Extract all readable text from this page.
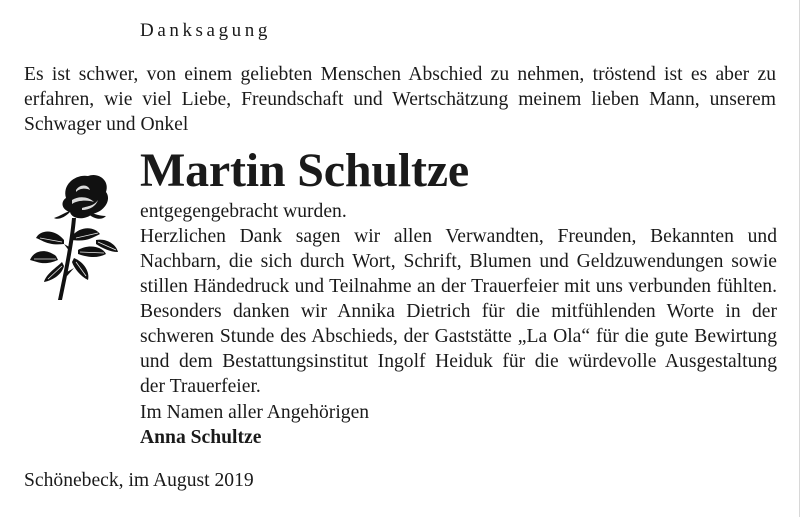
Danksagung
Es ist schwer, von einem geliebten Menschen Abschied zu nehmen, tröstend ist es aber zu
erfahren, wie viel Liebe, Freundschaft und Wertschätzung meinem lieben Mann, unserem
Schwager und Onkel
Martin Schultze
entgegengebracht wurden.
Herzlichen Dank sagen wir allen Verwandten, Freunden, Bekannten und
Nachbarn, die sich durch Wort, Schrift, Blumen und Geldzuwendungen sowie
stillen Händedruck und Teilnahme an der Trauerfeier mit uns verbunden fühlten.
Besonders danken wir Annika Dietrich für die mitfühlenden Worte in der
schweren Stunde des Abschieds, der Gaststätte „La Ola“ für die gute Bewirtung
und dem Bestattungsinstitut Ingolf Heiduk für die würdevolle Ausgestaltung
der Trauerfeier.
Im Namen aller Angehörigen
Anna Schultze
Schönebeck, im August 2019
